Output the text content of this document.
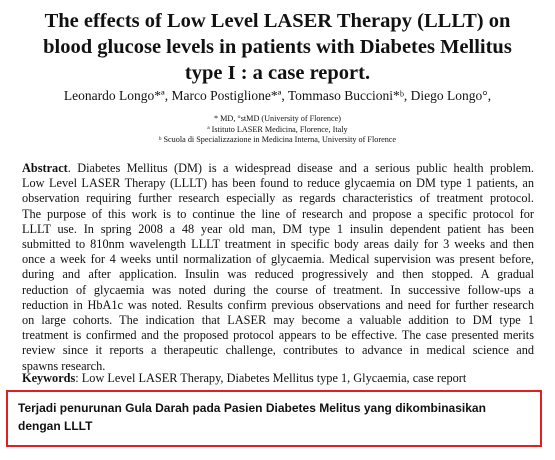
The effects of Low Level LASER Therapy (LLLT) on
blood glucose levels in patients with Diabetes Mellitus
type I : a case report.
Leonardo Longo*ª, Marco Postiglione*ª, Tommaso Buccioni*ᵇ, Diego Longo°,
* MD, °stMD (University of Florence)
ª Istituto LASER Medicina, Florence, Italy
ᵇ Scuola di Specializzazione in Medicina Interna, University of Florence
Abstract. Diabetes Mellitus (DM) is a widespread disease and a serious public health problem.
Low Level LASER Therapy (LLLT) has been found to reduce glycaemia on DM type 1 patients, an
observation requiring further research especially as regards characteristics of treatment protocol.
The purpose of this work is to continue the line of research and propose a specific protocol for
LLLT use. In spring 2008 a 48 year old man, DM type 1 insulin dependent patient has been
submitted to 810nm wavelength LLLT treatment in specific body areas daily for 3 weeks and then
once a week for 4 weeks until normalization of glycaemia. Medical supervision was present before,
during and after application. Insulin was reduced progressively and then stopped. A gradual
reduction of glycaemia was noted during the course of treatment. In successive follow-ups a
reduction in HbA1c was noted. Results confirm previous observations and need for further research
on large cohorts. The indication that LASER may become a valuable addition to DM type 1
treatment is confirmed and the proposed protocol appears to be effective. The case presented merits
review since it reports a therapeutic challenge, contributes to advance in medical science and
spawns research.
Keywords: Low Level LASER Therapy, Diabetes Mellitus type 1, Glycaemia, case report
Terjadi penurunan Gula Darah pada Pasien Diabetes Melitus yang dikombinasikan
dengan LLLT
